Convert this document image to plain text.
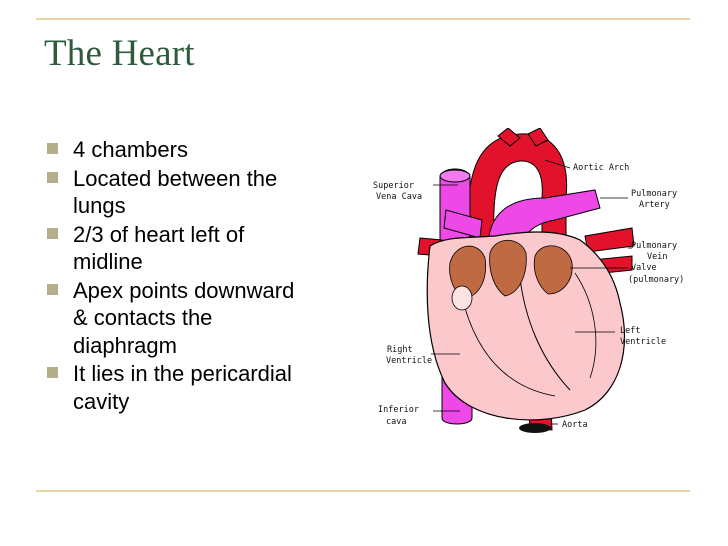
The Heart
4 chambers
Located between the
lungs
2/3 of heart left of
midline
Apex points downward
& contacts the
diaphragm
It lies in the pericardial
cavity
Aortic Arch
Superior
Vena Cava	Pulmonary
Artery
Pulmonary
Vein
Valve
(pulmonary)
Left
Ventricle
Right
Ventricle
Inferior
cava	Aorta
